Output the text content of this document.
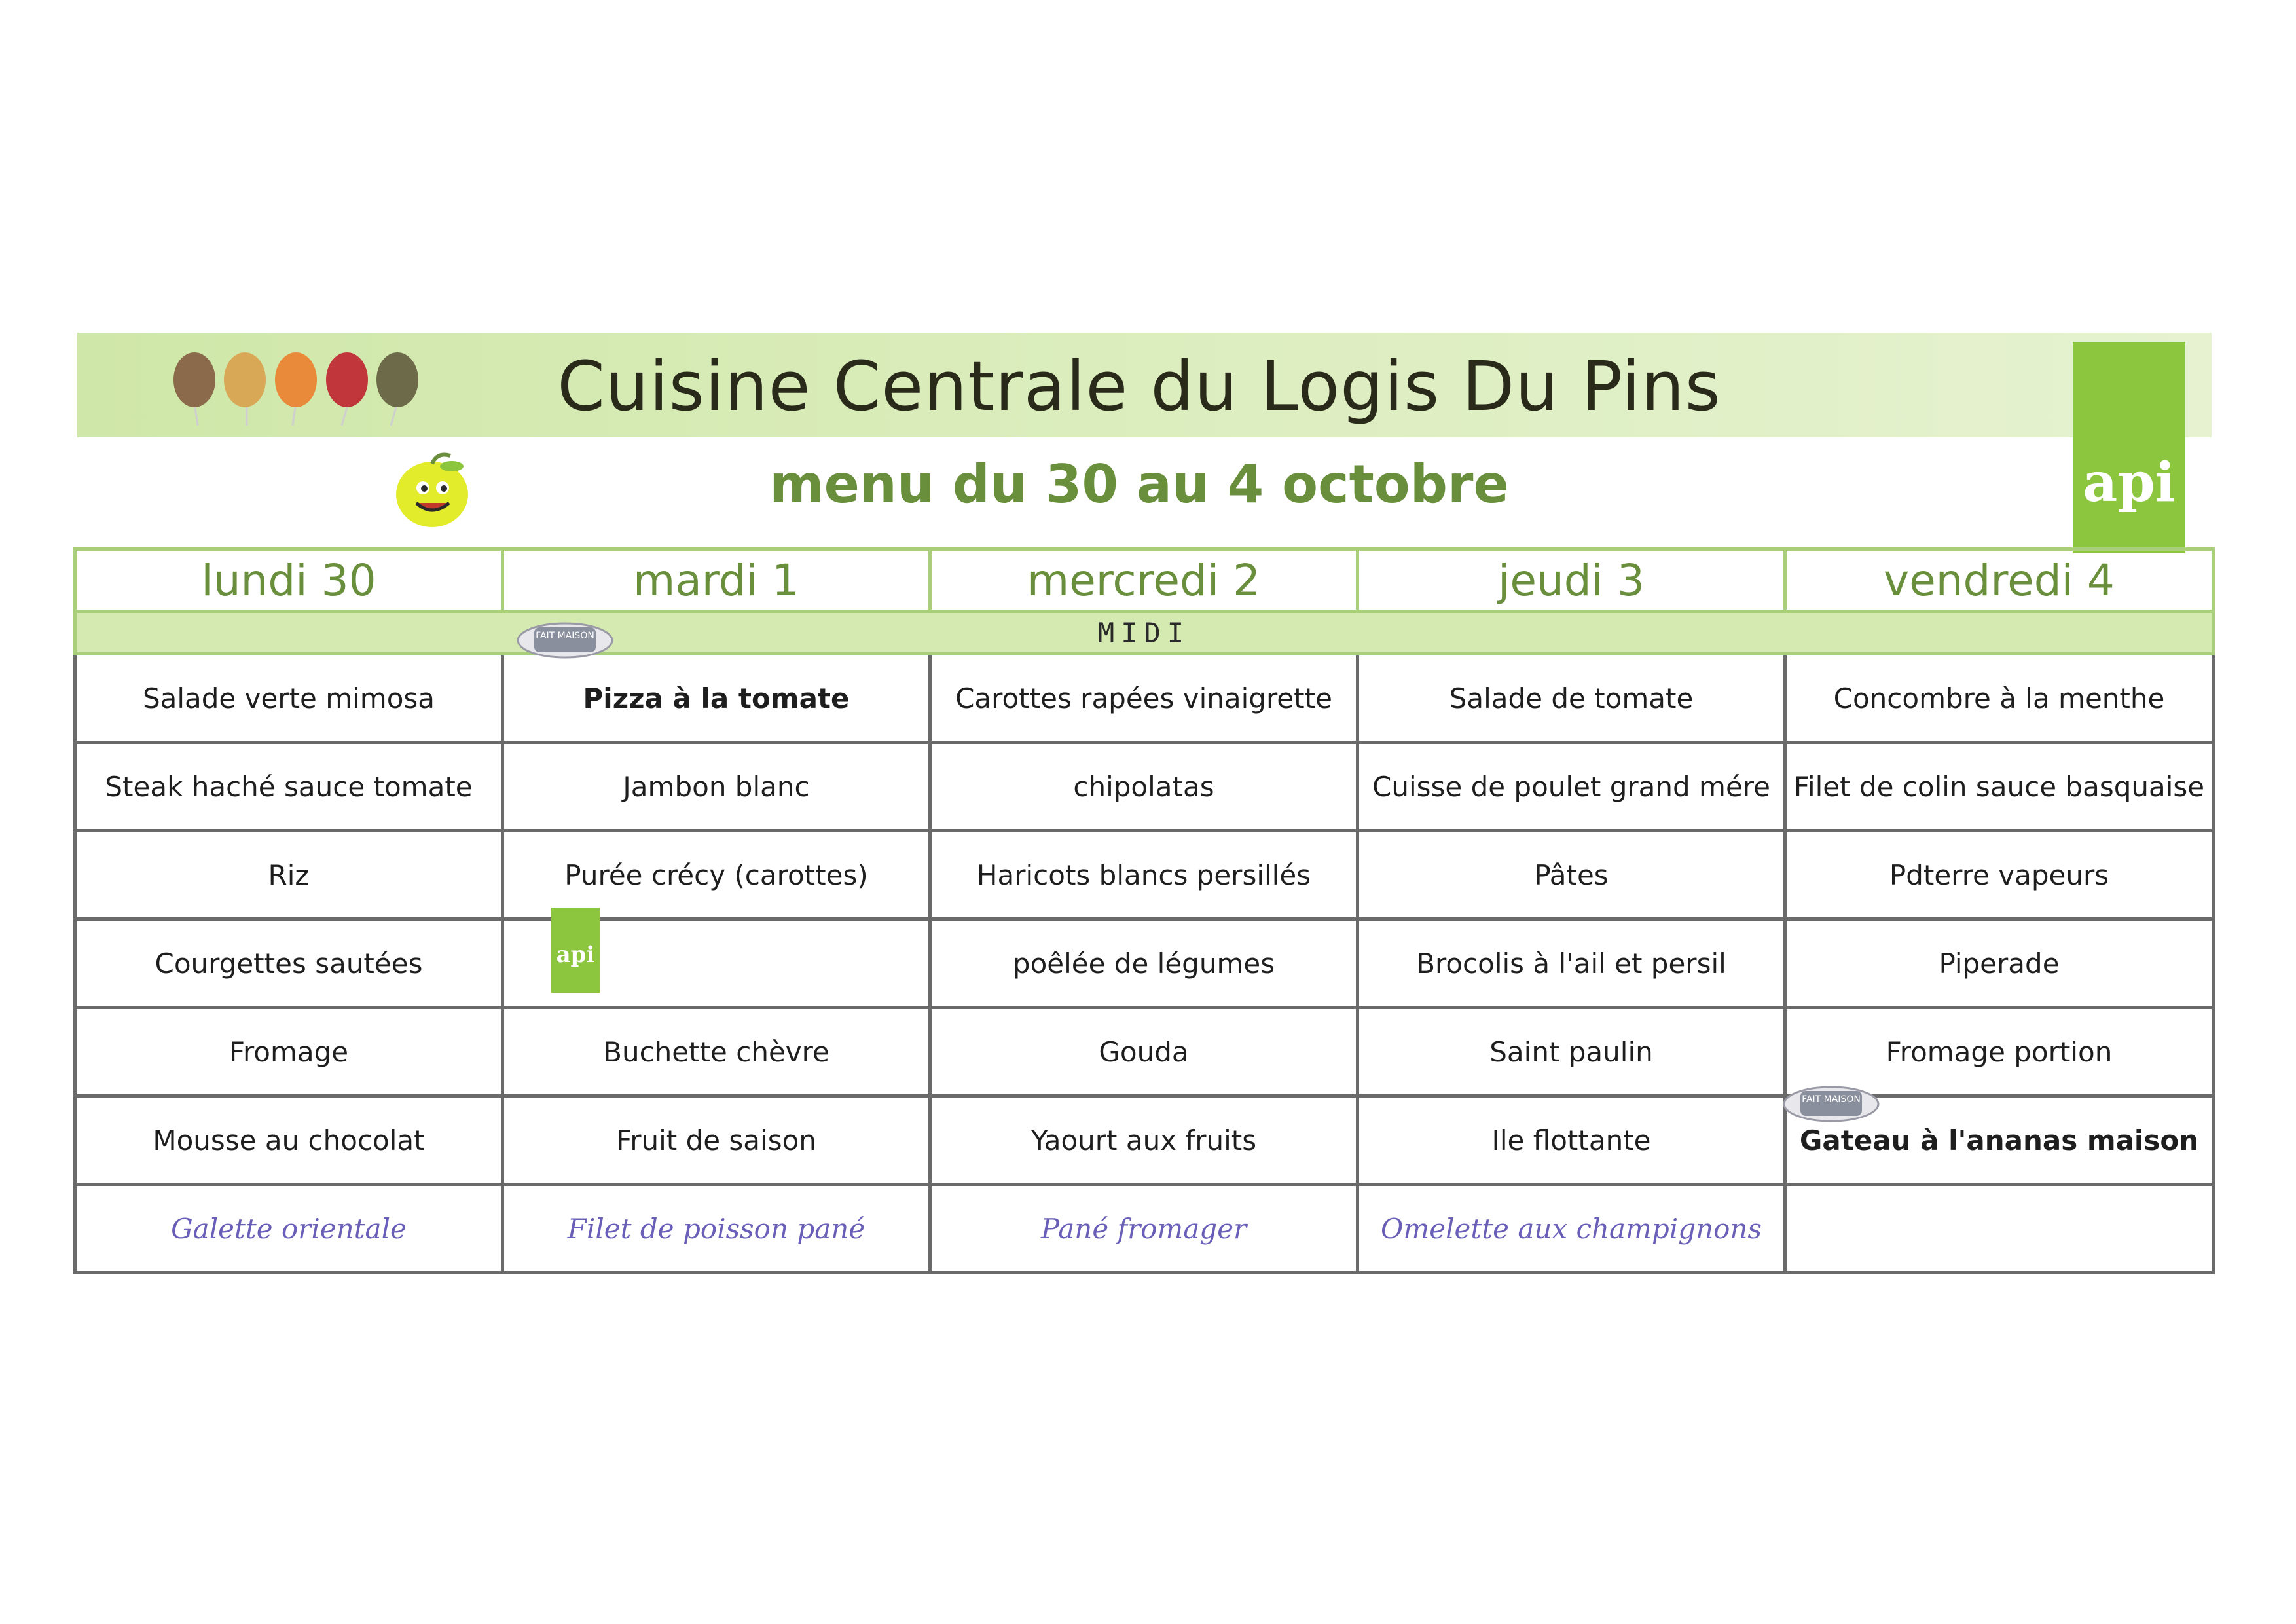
Cuisine Centrale du Logis Du Pins
menu du 30 au 4 octobre	api
lundi 30	mardi 1	mercredi 2	jeudi 3	vendredi 4
MIDI				
Salade verte mimosa	Pizza à la tomate	Carottes rapées vinaigrette	Salade de tomate	Concombre à la menthe
Steak haché sauce tomate	Jambon blanc	chipolatas	Cuisse de poulet grand mére	Filet de colin sauce basquaise
Riz	Purée crécy (carottes)	Haricots blancs persillés	Pâtes	Pdterre vapeurs
Courgettes sautées		poêlée de légumes	Brocolis à l'ail et persil	Piperade
Fromage	Buchette chèvre	Gouda	Saint paulin	Fromage portion
Mousse au chocolat	Fruit de saison	Yaourt aux fruits	Ile flottante	Gateau à l'ananas maison
Galette orientale	Filet de poisson pané	Pané fromager	Omelette aux champignons	
FAIT MAISON
FAIT MAISON
api
